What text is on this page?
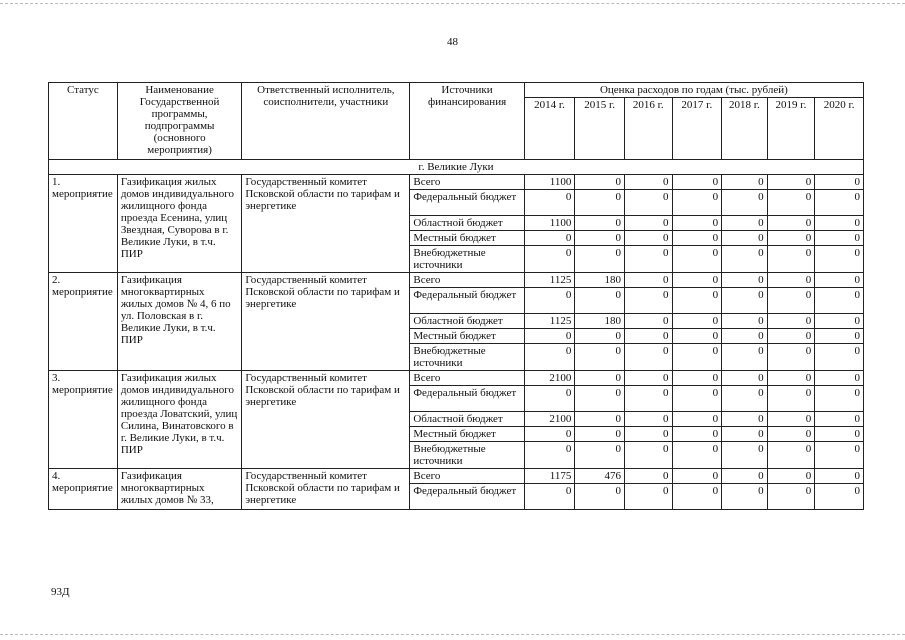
48
Статус	Наименование Государственной программы, подпрограммы (основного мероприятия)	Ответственный исполнитель, соисполнители, участники	Источники финансирования	Оценка расходов по годам (тыс. рублей)						
				2014 г.	2015 г.	2016 г.	2017 г.	2018 г.	2019 г.	2020 г.
г. Великие Луки										
1. мероприятие	Газификация жилых домов индивидуального жилищного фонда проезда Есенина, улиц Звездная, Суворова в г. Великие Луки, в т.ч. ПИР	Государственный комитет Псковской области по тарифам и энергетике	Всего	1100	0	0	0	0	0	0
			Федеральный бюджет	0	0	0	0	0	0	0
			Областной бюджет	1100	0	0	0	0	0	0
			Местный бюджет	0	0	0	0	0	0	0
			Внебюджетные источники	0	0	0	0	0	0	0
2. мероприятие	Газификация многоквартирных жилых домов № 4, 6 по ул. Половская в г. Великие Луки, в т.ч. ПИР	Государственный комитет Псковской области по тарифам и энергетике	Всего	1125	180	0	0	0	0	0
			Федеральный бюджет	0	0	0	0	0	0	0
			Областной бюджет	1125	180	0	0	0	0	0
			Местный бюджет	0	0	0	0	0	0	0
			Внебюджетные источники	0	0	0	0	0	0	0
3. мероприятие	Газификация жилых домов индивидуального жилищного фонда проезда Ловатский, улиц Силина, Винатовского в г. Великие Луки, в т.ч. ПИР	Государственный комитет Псковской области по тарифам и энергетике	Всего	2100	0	0	0	0	0	0
			Федеральный бюджет	0	0	0	0	0	0	0
			Областной бюджет	2100	0	0	0	0	0	0
			Местный бюджет	0	0	0	0	0	0	0
			Внебюджетные источники	0	0	0	0	0	0	0
4. мероприятие	Газификация многоквартирных жилых домов № 33,	Государственный комитет Псковской области по тарифам и энергетике	Всего	1175	476	0	0	0	0	0
			Федеральный бюджет	0	0	0	0	0	0	0
93Д
